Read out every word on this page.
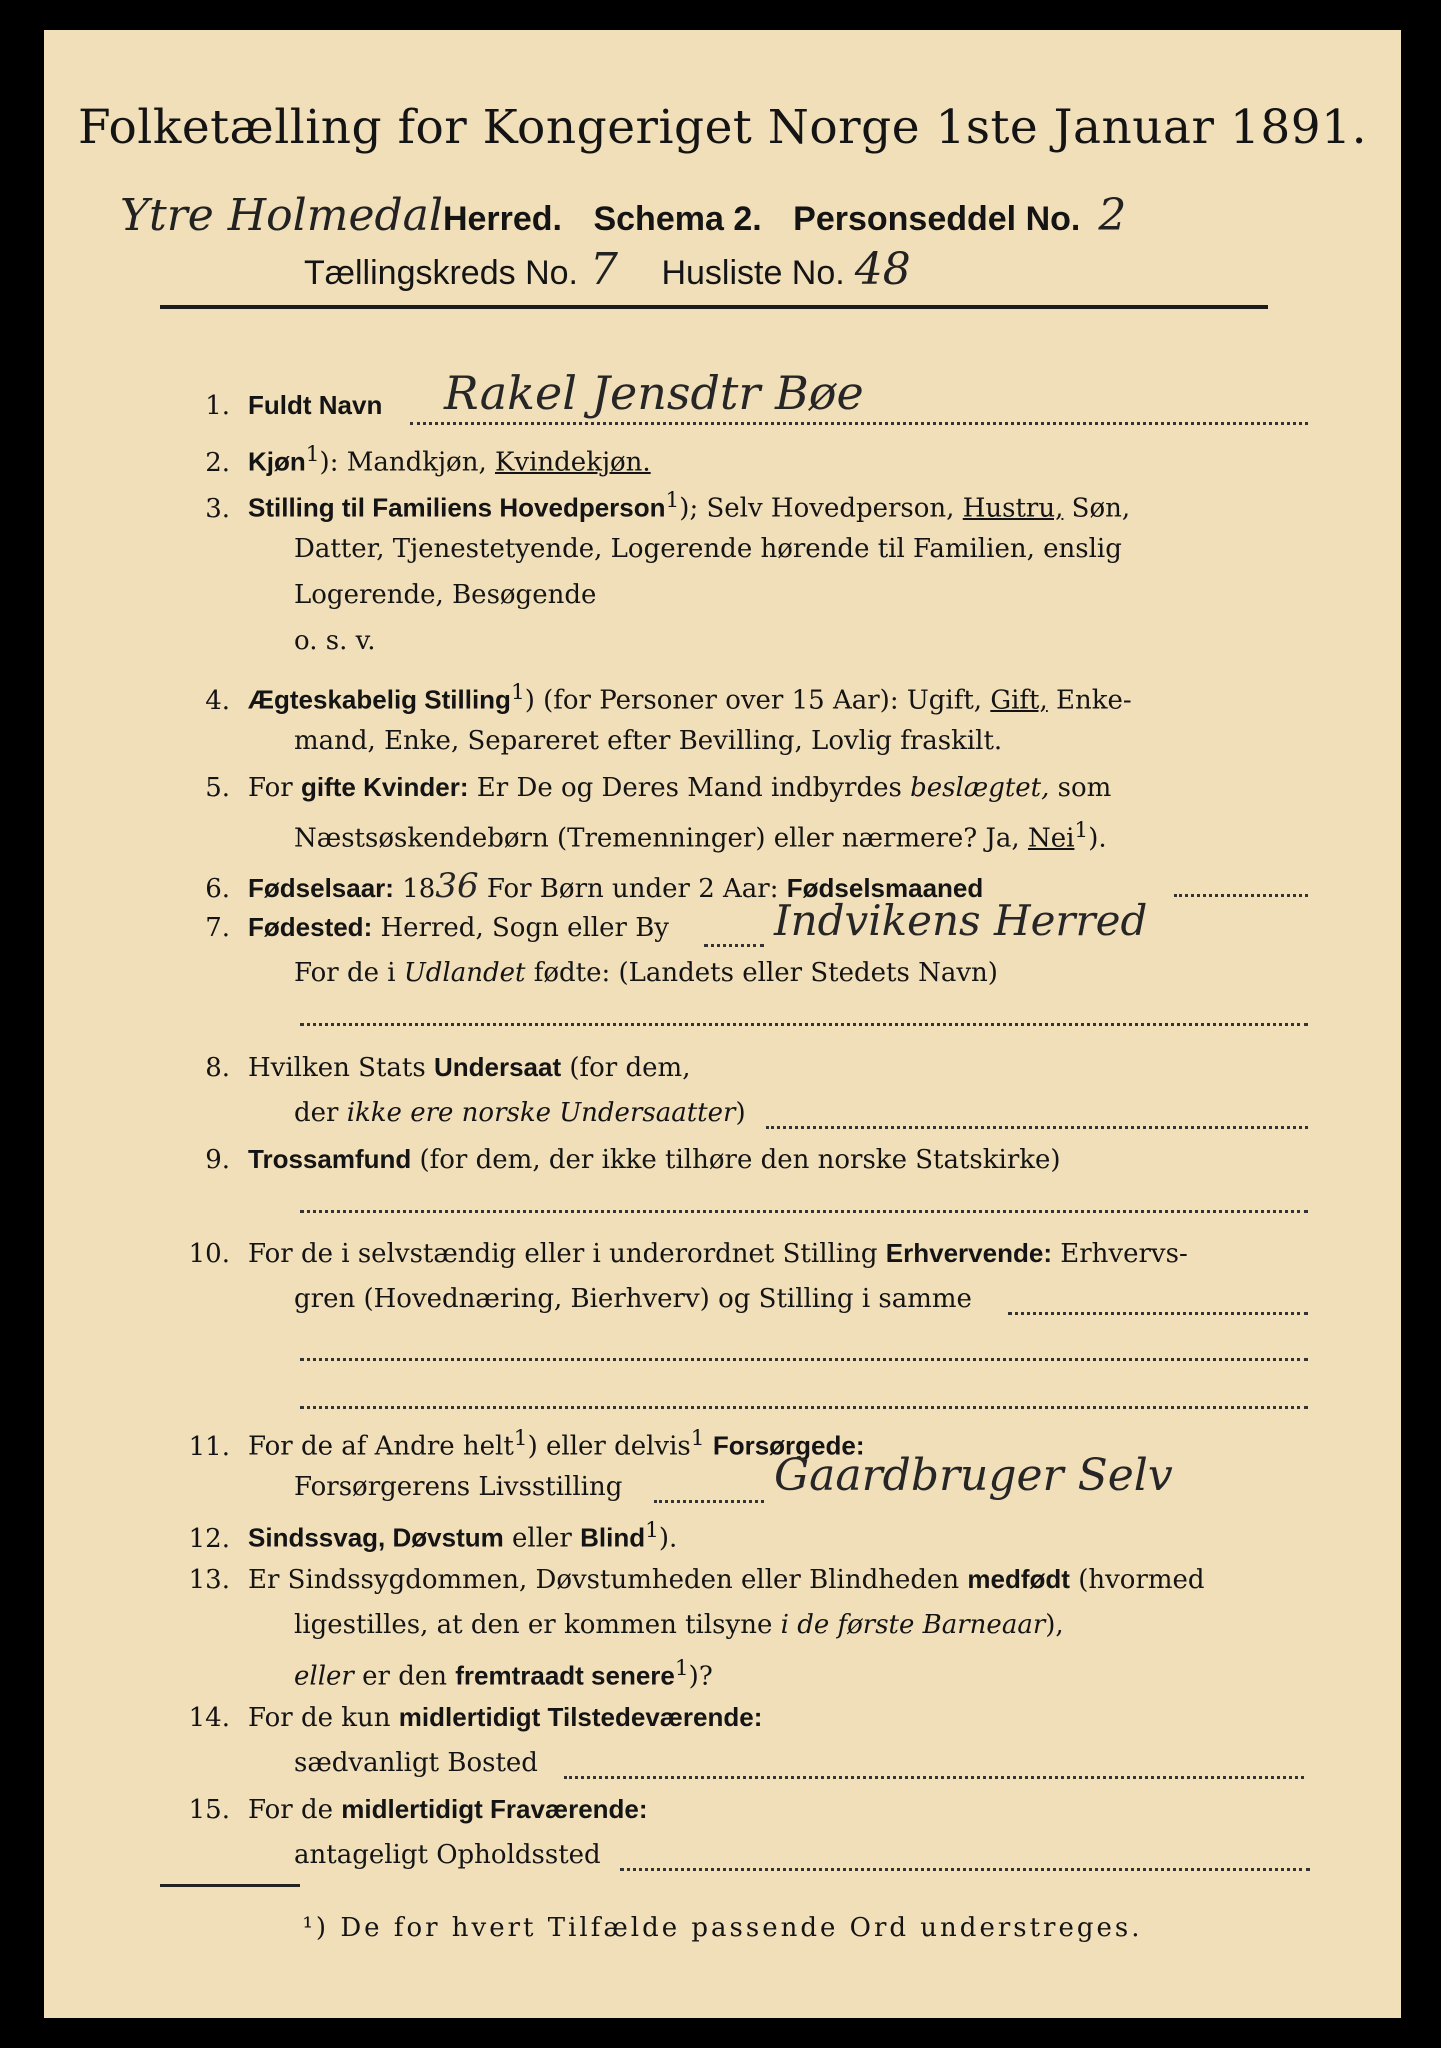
Folketælling for Kongeriget Norge 1ste Januar 1891.
Ytre HolmedalHerred. Schema 2. Personseddel No. 2
Tællingskreds No. 7 Husliste No. 48
1. Fuldt Navn Rakel Jensdtr Bøe
2. Kjøn$^1$): Mandkjøn, Kvindekjøn.
3. Stilling til Familiens Hovedperson$^1$); Selv Hovedperson, Hustru, Søn,
Datter, Tjenestetyende, Logerende hørende til Familien, enslig
Logerende, Besøgende
o. s. v.
4. Ægteskabelig Stilling$^1$) (for Personer over 15 Aar): Ugift, Gift, Enke-
mand, Enke, Separeret efter Bevilling, Lovlig fraskilt.
5. For gifte Kvinder: Er De og Deres Mand indbyrdes beslægtet, som
Næstsøskendebørn (Tremenninger) eller nærmere? Ja, Nei$^1$).
6. Fødselsaar: 1836 For Børn under 2 Aar: Fødselsmaaned
7. Fødested: Herred, Sogn eller By	Indvikens Herred
For de i Udlandet fødte: (Landets eller Stedets Navn)
8. Hvilken Stats Undersaat (for dem,
der ikke ere norske Undersaatter)
9. Trossamfund (for dem, der ikke tilhøre den norske Statskirke)
10. For de i selvstændig eller i underordnet Stilling Erhvervende: Erhvervs-
gren (Hovednæring, Bierhverv) og Stilling i samme
11. For de af Andre helt$^1$) eller delvis$^1$ Forsørgede:
Forsørgerens Livsstilling	Gaardbruger Selv
12. Sindssvag, Døvstum eller Blind$^1$).
13. Er Sindssygdommen, Døvstumheden eller Blindheden medfødt (hvormed
ligestilles, at den er kommen tilsyne i de første Barneaar),
eller er den fremtraadt senere$^1$)?
14. For de kun midlertidigt Tilstedeværende:
sædvanligt Bosted
15. For de midlertidigt Fraværende:
antageligt Opholdssted
¹) De for hvert Tilfælde passende Ord understreges.
